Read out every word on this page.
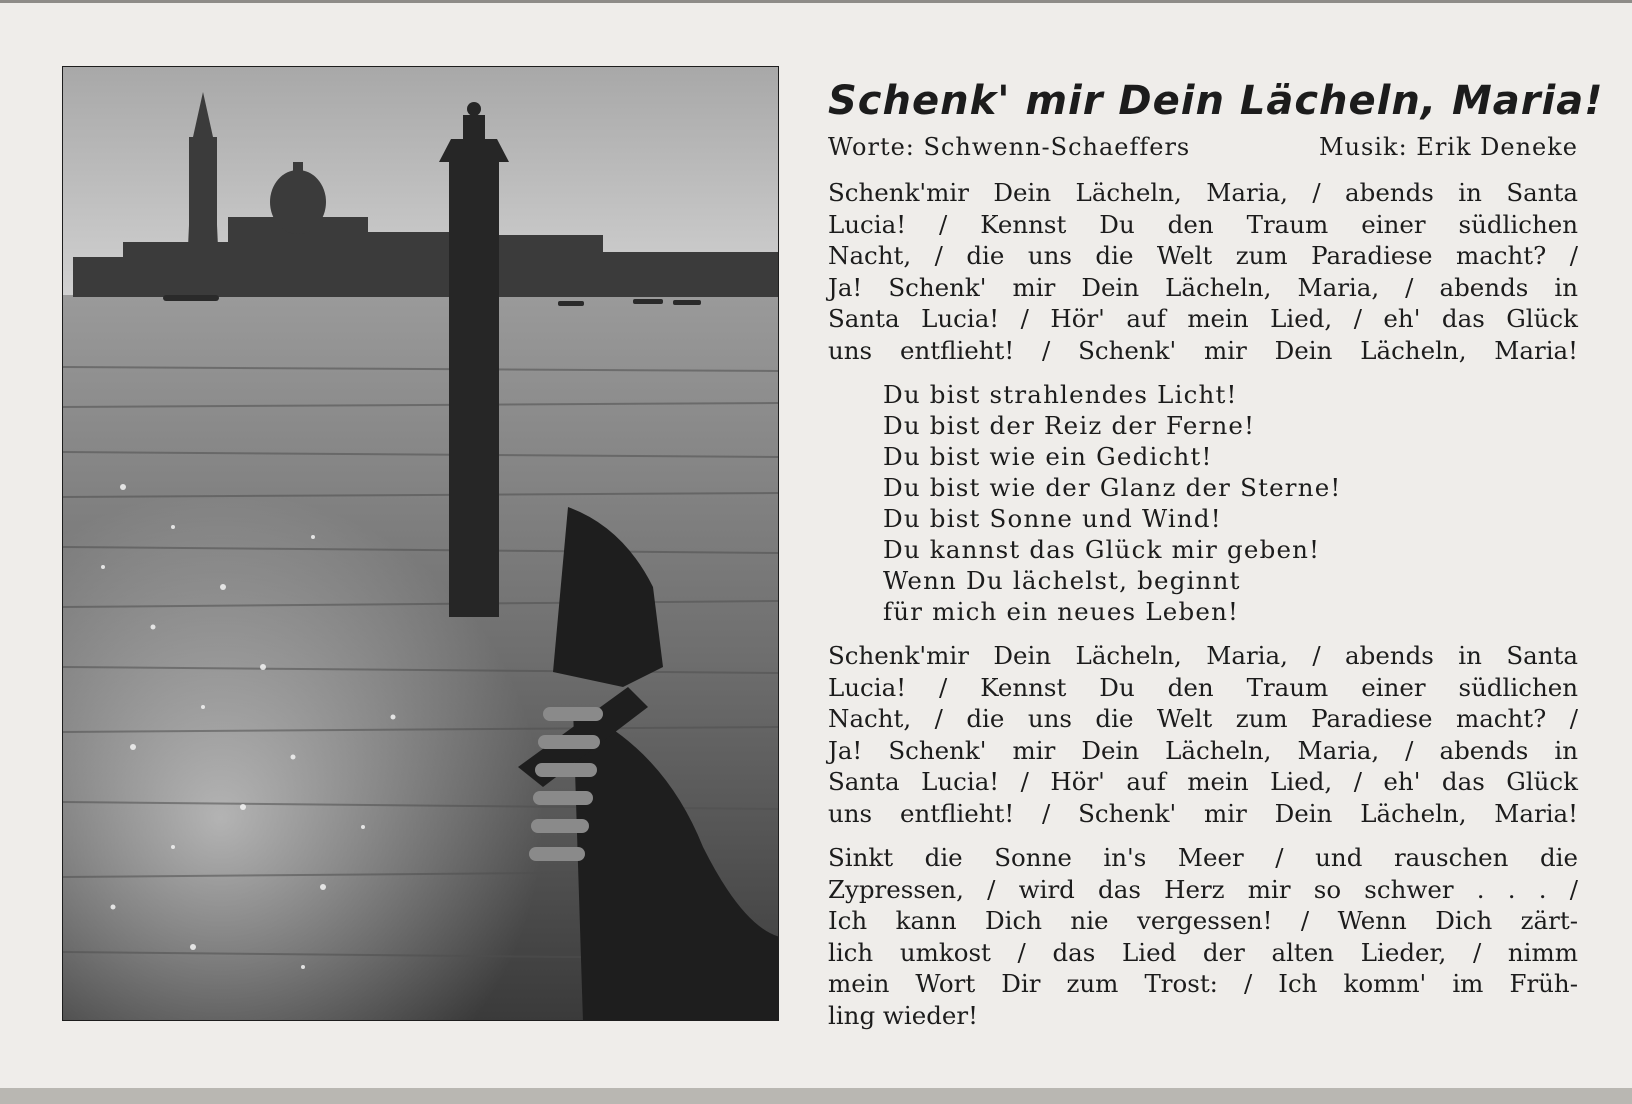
Schenk' mir Dein Lächeln, Maria!
Worte: Schwenn-Schaeffers	Musik: Erik Deneke
Schenk'mir Dein Lächeln, Maria, / abends in Santa
Lucia! / Kennst Du den Traum einer südlichen
Nacht, / die uns die Welt zum Paradiese macht? /
Ja! Schenk' mir Dein Lächeln, Maria, / abends in
Santa Lucia! / Hör' auf mein Lied, / eh' das Glück
uns entflieht! / Schenk' mir Dein Lächeln, Maria!
Du bist strahlendes Licht!
Du bist der Reiz der Ferne!
Du bist wie ein Gedicht!
Du bist wie der Glanz der Sterne!
Du bist Sonne und Wind!
Du kannst das Glück mir geben!
Wenn Du lächelst, beginnt
für mich ein neues Leben!
Schenk'mir Dein Lächeln, Maria, / abends in Santa
Lucia! / Kennst Du den Traum einer südlichen
Nacht, / die uns die Welt zum Paradiese macht? /
Ja! Schenk' mir Dein Lächeln, Maria, / abends in
Santa Lucia! / Hör' auf mein Lied, / eh' das Glück
uns entflieht! / Schenk' mir Dein Lächeln, Maria!
Sinkt die Sonne in's Meer / und rauschen die
Zypressen, / wird das Herz mir so schwer . . . /
Ich kann Dich nie vergessen! / Wenn Dich zärt-
lich umkost / das Lied der alten Lieder, / nimm
mein Wort Dir zum Trost: / Ich komm' im Früh-
ling wieder!
